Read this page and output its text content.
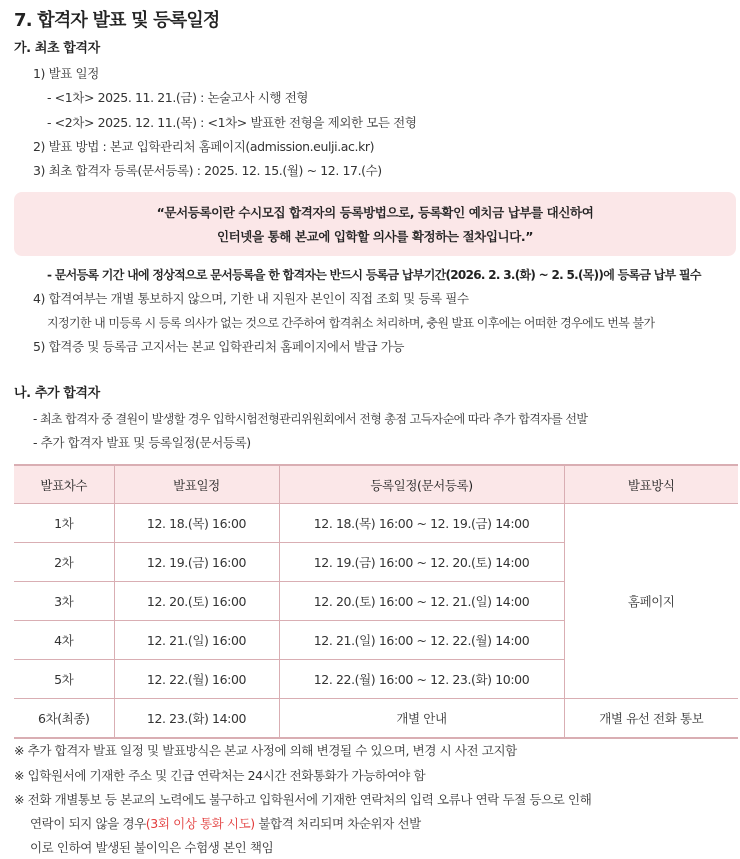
7. 합격자 발표 및 등록일정
가. 최초 합격자
1) 발표 일정
- <1차> 2025. 11. 21.(금) : 논술고사 시행 전형
- <2차> 2025. 12. 11.(목) : <1차> 발표한 전형을 제외한 모든 전형
2) 발표 방법 : 본교 입학관리처 홈페이지(admission.eulji.ac.kr)
3) 최초 합격자 등록(문서등록) : 2025. 12. 15.(월) ~ 12. 17.(수)
“문서등록이란 수시모집 합격자의 등록방법으로, 등록확인 예치금 납부를 대신하여
인터넷을 통해 본교에 입학할 의사를 확정하는 절차입니다.”
- 문서등록 기간 내에 정상적으로 문서등록을 한 합격자는 반드시 등록금 납부기간(2026. 2. 3.(화) ~ 2. 5.(목))에 등록금 납부 필수
4) 합격여부는 개별 통보하지 않으며, 기한 내 지원자 본인이 직접 조회 및 등록 필수
지정기한 내 미등록 시 등록 의사가 없는 것으로 간주하여 합격취소 처리하며, 충원 발표 이후에는 어떠한 경우에도 번복 불가
5) 합격증 및 등록금 고지서는 본교 입학관리처 홈페이지에서 발급 가능
나. 추가 합격자
- 최초 합격자 중 결원이 발생할 경우 입학시험전형관리위원회에서 전형 총점 고득자순에 따라 추가 합격자를 선발
- 추가 합격자 발표 및 등록일정(문서등록)
발표차수	발표일정	등록일정(문서등록)	발표방식
1차	12. 18.(목) 16:00	12. 18.(목) 16:00 ~ 12. 19.(금) 14:00	홈페이지
2차	12. 19.(금) 16:00	12. 19.(금) 16:00 ~ 12. 20.(토) 14:00	
3차	12. 20.(토) 16:00	12. 20.(토) 16:00 ~ 12. 21.(일) 14:00	
4차	12. 21.(일) 16:00	12. 21.(일) 16:00 ~ 12. 22.(월) 14:00	
5차	12. 22.(월) 16:00	12. 22.(월) 16:00 ~ 12. 23.(화) 10:00	
6차(최종)	12. 23.(화) 14:00	개별 안내	개별 유선 전화 통보
※ 추가 합격자 발표 일정 및 발표방식은 본교 사정에 의해 변경될 수 있으며, 변경 시 사전 고지함
※ 입학원서에 기재한 주소 및 긴급 연락처는 24시간 전화통화가 가능하여야 함
※ 전화 개별통보 등 본교의 노력에도 불구하고 입학원서에 기재한 연락처의 입력 오류나 연락 두절 등으로 인해
연락이 되지 않을 경우(3회 이상 통화 시도) 불합격 처리되며 차순위자 선발
이로 인하여 발생된 불이익은 수험생 본인 책임
